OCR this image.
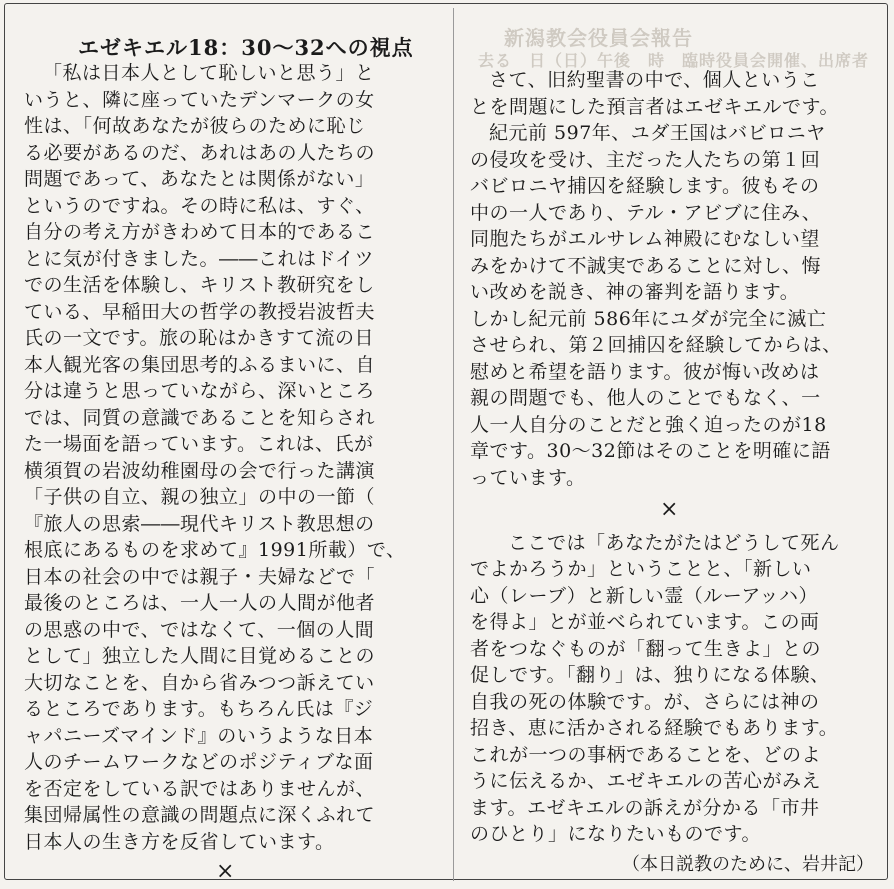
新潟教会役員会報告
去る　日（日）午後　時　臨時役員会開催、出席者
エゼキエル18：30〜32への視点
「私は日本人として恥しいと思う」と
いうと、隣に座っていたデンマークの女
性は、「何故あなたが彼らのために恥じ
る必要があるのだ、あれはあの人たちの
問題であって、あなたとは関係がない」
というのですね。その時に私は、すぐ、
自分の考え方がきわめて日本的であるこ
とに気が付きました。――これはドイツ
での生活を体験し、キリスト教研究をし
ている、早稲田大の哲学の教授岩波哲夫
氏の一文です。旅の恥はかきすて流の日
本人観光客の集団思考的ふるまいに、自
分は違うと思っていながら、深いところ
では、同質の意識であることを知らされ
た一場面を語っています。これは、氏が
横須賀の岩波幼稚園母の会で行った講演
「子供の自立、親の独立」の中の一節（
『旅人の思索――現代キリスト教思想の
根底にあるものを求めて』1991所載）で、
日本の社会の中では親子・夫婦などで「
最後のところは、一人一人の人間が他者
の思惑の中で、ではなくて、一個の人間
として」独立した人間に目覚めることの
大切なことを、自から省みつつ訴えてい
るところであります。もちろん氏は『ジ
ャパニーズマインド』のいうような日本
人のチームワークなどのポジティブな面
を否定をしている訳ではありませんが、
集団帰属性の意識の問題点に深くふれて
日本人の生き方を反省しています。
×
さて、旧約聖書の中で、個人というこ
とを問題にした預言者はエゼキエルです。
紀元前 597年、ユダ王国はバビロニヤ
の侵攻を受け、主だった人たちの第１回
バビロニヤ捕囚を経験します。彼もその
中の一人であり、テル・アビブに住み、
同胞たちがエルサレム神殿にむなしい望
みをかけて不誠実であることに対し、悔
い改めを説き、神の審判を語ります。
しかし紀元前 586年にユダが完全に滅亡
させられ、第２回捕囚を経験してからは、
慰めと希望を語ります。彼が悔い改めは
親の問題でも、他人のことでもなく、一
人一人自分のことだと強く迫ったのが18
章です。30〜32節はそのことを明確に語
っています。
×
ここでは「あなたがたはどうして死ん
でよかろうか」ということと、「新しい
心（レーブ）と新しい霊（ルーアッハ）
を得よ」とが並べられています。この両
者をつなぐものが「翻って生きよ」との
促しです。「翻り」は、独りになる体験、
自我の死の体験です。が、さらには神の
招き、恵に活かされる経験でもあります。
これが一つの事柄であることを、どのよ
うに伝えるか、エゼキエルの苦心がみえ
ます。エゼキエルの訴えが分かる「市井
のひとり」になりたいものです。
（本日説教のために、岩井記）
